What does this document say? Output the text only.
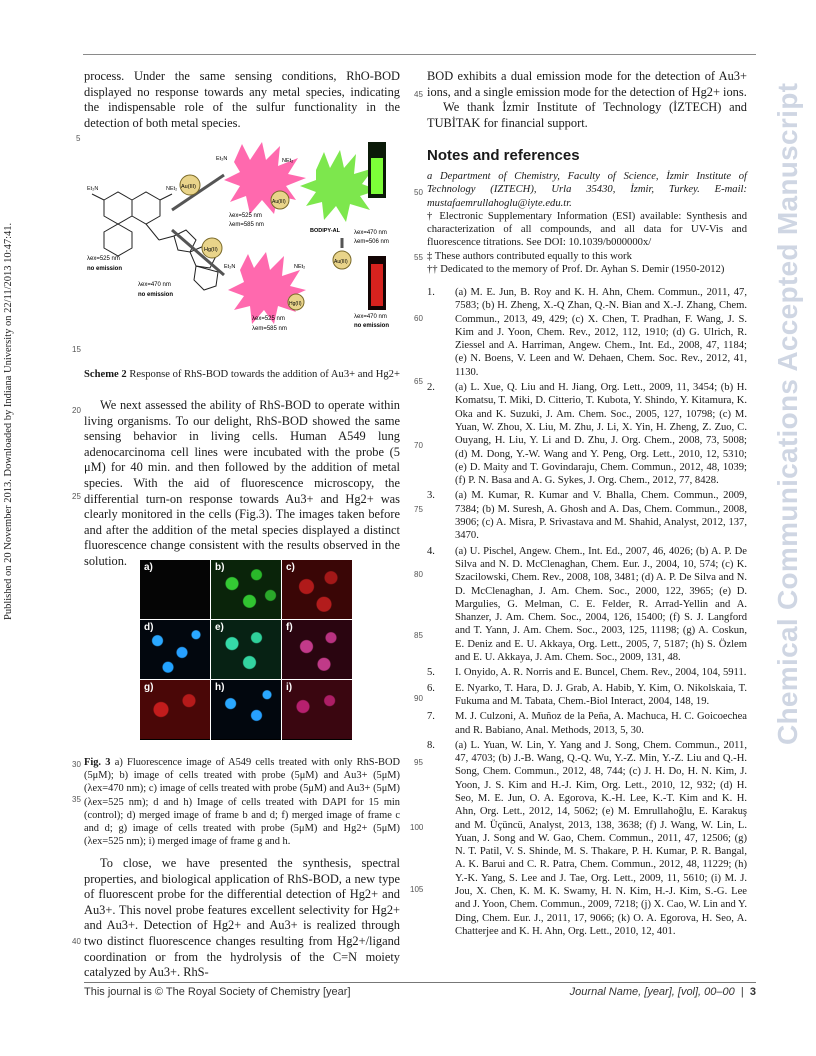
Published on 20 November 2013. Downloaded by Indiana University on 22/11/2013 10:47:41.	Chemical Communications Accepted Manuscript
5
15
20
25
30
35
40
45
50
55
60
65
70
75
80
85
90
95
100
105

process. Under the same sensing conditions, RhO-BOD displayed no response towards any metal species, indicating the indispensable role of the sulfur functionality in the detection of both metal species.

Et₂N	NEt₂
λex=525 nm
no emission
λex=470 nm
no emission
Au(III)
Hg(II)
Et₂N	NEt₂
λex=525 nm
λem=585 nm
Au(III)
BODIPY-AL λex=470 nm
λem=506 nm
Au(III)
Et₂N	NEt₂
Hg(II)
λex=525 nm
λem=585 nm
λex=470 nm
no emission
Scheme 2 Response of RhS-BOD towards the addition of Au3+ and Hg2+

We next assessed the ability of RhS-BOD to operate within living organisms. To our delight, RhS-BOD showed the same sensing behavior in living cells. Human A549 lung adenocarcinoma cell lines were incubated with the probe (5 μM) for 40 min. and then followed by the addition of metal species. With the aid of fluorescence microscopy, the differential turn-on response towards Au3+ and Hg2+ was clearly monitored in the cells (Fig.3). The images taken before and after the addition of the metal species displayed a distinct fluorescence change consistent with the results observed in the solution.	a)	b)	c)
d)	e)	f)
g)	h)	i)
Fig. 3 a) Fluorescence image of A549 cells treated with only RhS-BOD (5μM); b) image of cells treated with probe (5μM) and Au3+ (5μM) (λex=470 nm); c) image of cells treated with probe (5μM) and Au3+ (5μM) (λex=525 nm); d and h) Image of cells treated with DAPI for 15 min (control); d) merged image of frame b and d; f) merged image of frame c and d; g) image of cells treated with probe (5μM) and Hg2+ (5μM) (λex=525 nm); i) merged image of frame g and h.

To close, we have presented the synthesis, spectral properties, and biological application of RhS-BOD, a new type of fluorescent probe for the differential detection of Hg2+ and Au3+. This novel probe features excellent selectivity for Hg2+ and Au3+. Detection of Hg2+ and Au3+ is realized through two distinct fluorescence changes resulting from Hg2+/ligand coordination or from the hydrolysis of the C=N moiety catalyzed by Au3+. RhS-

BOD exhibits a dual emission mode for the detection of Au3+ ions, and a single emission mode for the detection of Hg2+ ions.

We thank İzmir Institute of Technology (İZTECH) and TUBİTAK for financial support.

Notes and references

a Department of Chemistry, Faculty of Science, İzmir Institute of Technology (IZTECH), Urla 35430, İzmir, Turkey. E-mail: mustafaemrullahoglu@iyte.edu.tr.

† Electronic Supplementary Information (ESI) available: Synthesis and characterization of all compounds, and all data for UV-Vis and fluorescence titrations. See DOI: 10.1039/b000000x/

‡ These authors contributed equally to this work

†† Dedicated to the memory of Prof. Dr. Ayhan S. Demir (1950-2012)

1. (a) M. E. Jun, B. Roy and K. H. Ahn, Chem. Commun., 2011, 47, 7583; (b) H. Zheng, X.-Q Zhan, Q.-N. Bian and X.-J. Zhang, Chem. Commun., 2013, 49, 429; (c) X. Chen, T. Pradhan, F. Wang, J. S. Kim and J. Yoon, Chem. Rev., 2012, 112, 1910; (d) G. Ulrich, R. Ziessel and A. Harriman, Angew. Chem., Int. Ed., 2008, 47, 1184; (e) N. Boens, V. Leen and W. Dehaen, Chem. Soc. Rev., 2012, 41, 1130.
2. (a) L. Xue, Q. Liu and H. Jiang, Org. Lett., 2009, 11, 3454; (b) H. Komatsu, T. Miki, D. Citterio, T. Kubota, Y. Shindo, Y. Kitamura, K. Oka and K. Suzuki, J. Am. Chem. Soc., 2005, 127, 10798; (c) M. Yuan, W. Zhou, X. Liu, M. Zhu, J. Li, X. Yin, H. Zheng, Z. Zuo, C. Ouyang, H. Liu, Y. Li and D. Zhu, J. Org. Chem., 2008, 73, 5008; (d) M. Dong, Y.-W. Wang and Y. Peng, Org. Lett., 2010, 12, 5310; (e) D. Maity and T. Govindaraju, Chem. Commun., 2012, 48, 1039; (f) P. N. Basa and A. G. Sykes, J. Org. Chem., 2012, 77, 8428.
3. (a) M. Kumar, R. Kumar and V. Bhalla, Chem. Commun., 2009, 7384; (b) M. Suresh, A. Ghosh and A. Das, Chem. Commun., 2008, 3906; (c) A. Misra, P. Srivastava and M. Shahid, Analyst, 2012, 137, 3470.
4. (a) U. Pischel, Angew. Chem., Int. Ed., 2007, 46, 4026; (b) A. P. De Silva and N. D. McClenaghan, Chem. Eur. J., 2004, 10, 574; (c) K. Szacilowski, Chem. Rev., 2008, 108, 3481; (d) A. P. De Silva and N. D. McClenaghan, J. Am. Chem. Soc., 2000, 122, 3965; (e) D. Margulies, G. Melman, C. E. Felder, R. Arrad-Yellin and A. Shanzer, J. Am. Chem. Soc., 2004, 126, 15400; (f) S. J. Langford and T. Yann, J. Am. Chem. Soc., 2003, 125, 11198; (g) A. Coskun, E. Deniz and E. U. Akkaya, Org. Lett., 2005, 7, 5187; (h) S. Özlem and E. U. Akkaya, J. Am. Chem. Soc., 2009, 131, 48.
5. I. Onyido, A. R. Norris and E. Buncel, Chem. Rev., 2004, 104, 5911.
6. E. Nyarko, T. Hara, D. J. Grab, A. Habib, Y. Kim, O. Nikolskaia, T. Fukuma and M. Tabata, Chem.-Biol Interact, 2004, 148, 19.
7. M. J. Culzoni, A. Muñoz de la Peña, A. Machuca, H. C. Goicoechea and R. Babiano, Anal. Methods, 2013, 5, 30.
8. (a) L. Yuan, W. Lin, Y. Yang and J. Song, Chem. Commun., 2011, 47, 4703; (b) J.-B. Wang, Q.-Q. Wu, Y.-Z. Min, Y.-Z. Liu and Q.-H. Song, Chem. Commun., 2012, 48, 744; (c) J. H. Do, H. N. Kim, J. Yoon, J. S. Kim and H.-J. Kim, Org. Lett., 2010, 12, 932; (d) H. Seo, M. E. Jun, O. A. Egorova, K.-H. Lee, K.-T. Kim and K. H. Ahn, Org. Lett., 2012, 14, 5062; (e) M. Emrullahoğlu, E. Karakuş and M. Üçüncü, Analyst, 2013, 138, 3638; (f) J. Wang, W. Lin, L. Yuan, J. Song and W. Gao, Chem. Commun., 2011, 47, 12506; (g) N. T. Patil, V. S. Shinde, M. S. Thakare, P. H. Kumar, P. R. Bangal, A. K. Barui and C. R. Patra, Chem. Commun., 2012, 48, 11229; (h) Y.-K. Yang, S. Lee and J. Tae, Org. Lett., 2009, 11, 5610; (i) M. J. Jou, X. Chen, K. M. K. Swamy, H. N. Kim, H.-J. Kim, S.-G. Lee and J. Yoon, Chem. Commun., 2009, 7218; (j) X. Cao, W. Lin and Y. Ding, Chem. Eur. J., 2011, 17, 9066; (k) O. A. Egorova, H. Seo, A. Chatterjee and K. H. Ahn, Org. Lett., 2010, 12, 401.
This journal is © The Royal Society of Chemistry [year]	Journal Name, [year], [vol], 00–00 | 3
